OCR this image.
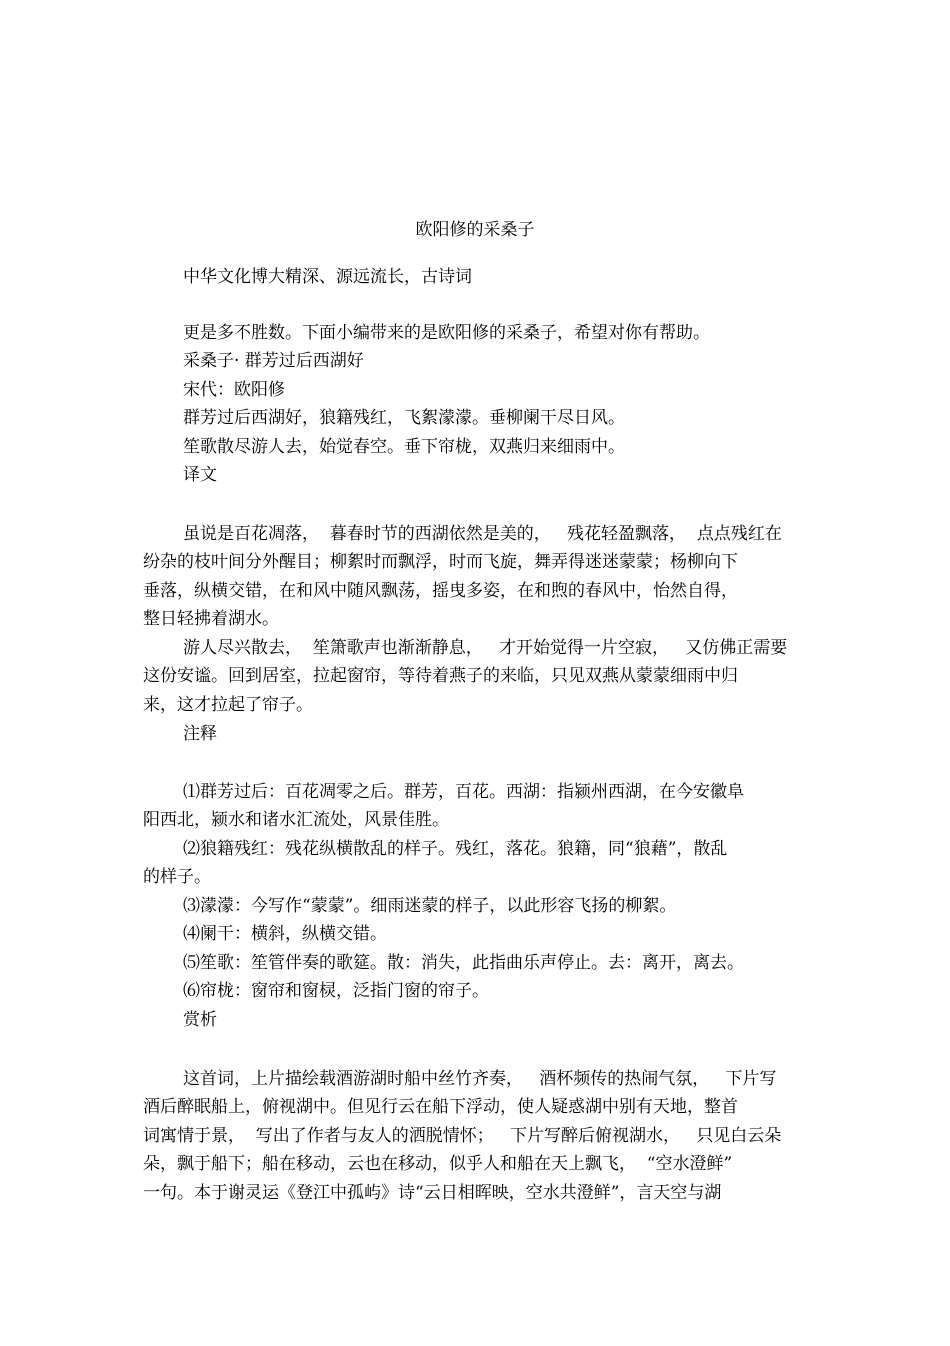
欧阳修的采桑子
中华文化博大精深、源远流长，古诗词
更是多不胜数。下面小编带来的是欧阳修的采桑子，希望对你有帮助。
采桑子· 群芳过后西湖好
宋代：欧阳修
群芳过后西湖好，狼籍残红，飞絮濛濛。垂柳阑干尽日风。
笙歌散尽游人去，始觉春空。垂下帘栊，双燕归来细雨中。
译文
虽说是百花凋落，  暮春时节的西湖依然是美的，   残花轻盈飘落，  点点残红在
纷杂的枝叶间分外醒目；柳絮时而飘浮，时而飞旋，舞弄得迷迷蒙蒙；杨柳向下
垂落，纵横交错，在和风中随风飘荡，摇曳多姿，在和煦的春风中，怡然自得，
整日轻拂着湖水。
游人尽兴散去，  笙箫歌声也渐渐静息，   才开始觉得一片空寂，   又仿佛正需要
这份安谧。回到居室，拉起窗帘，等待着燕子的来临，只见双燕从蒙蒙细雨中归
来，这才拉起了帘子。
注释
⑴群芳过后：百花凋零之后。群芳，百花。西湖：指颍州西湖，在今安徽阜
阳西北，颍水和诸水汇流处，风景佳胜。
⑵狼籍残红：残花纵横散乱的样子。残红，落花。狼籍，同“狼藉”，散乱
的样子。
⑶濛濛：今写作“蒙蒙”。细雨迷蒙的样子，以此形容飞扬的柳絮。
⑷阑干：横斜，纵横交错。
⑸笙歌：笙管伴奏的歌筵。散：消失，此指曲乐声停止。去：离开，离去。
⑹帘栊：窗帘和窗棂，泛指门窗的帘子。
赏析
这首词，上片描绘载酒游湖时船中丝竹齐奏，   酒杯频传的热闹气氛，   下片写
酒后醉眠船上，俯视湖中。但见行云在船下浮动，使人疑惑湖中别有天地，整首
词寓情于景，  写出了作者与友人的洒脱情怀；   下片写醉后俯视湖水，   只见白云朵
朵，飘于船下；船在移动，云也在移动，似乎人和船在天上飘飞，  “空水澄鲜”
一句。本于谢灵运《登江中孤屿》诗“云日相晖映，空水共澄鲜”，言天空与湖
